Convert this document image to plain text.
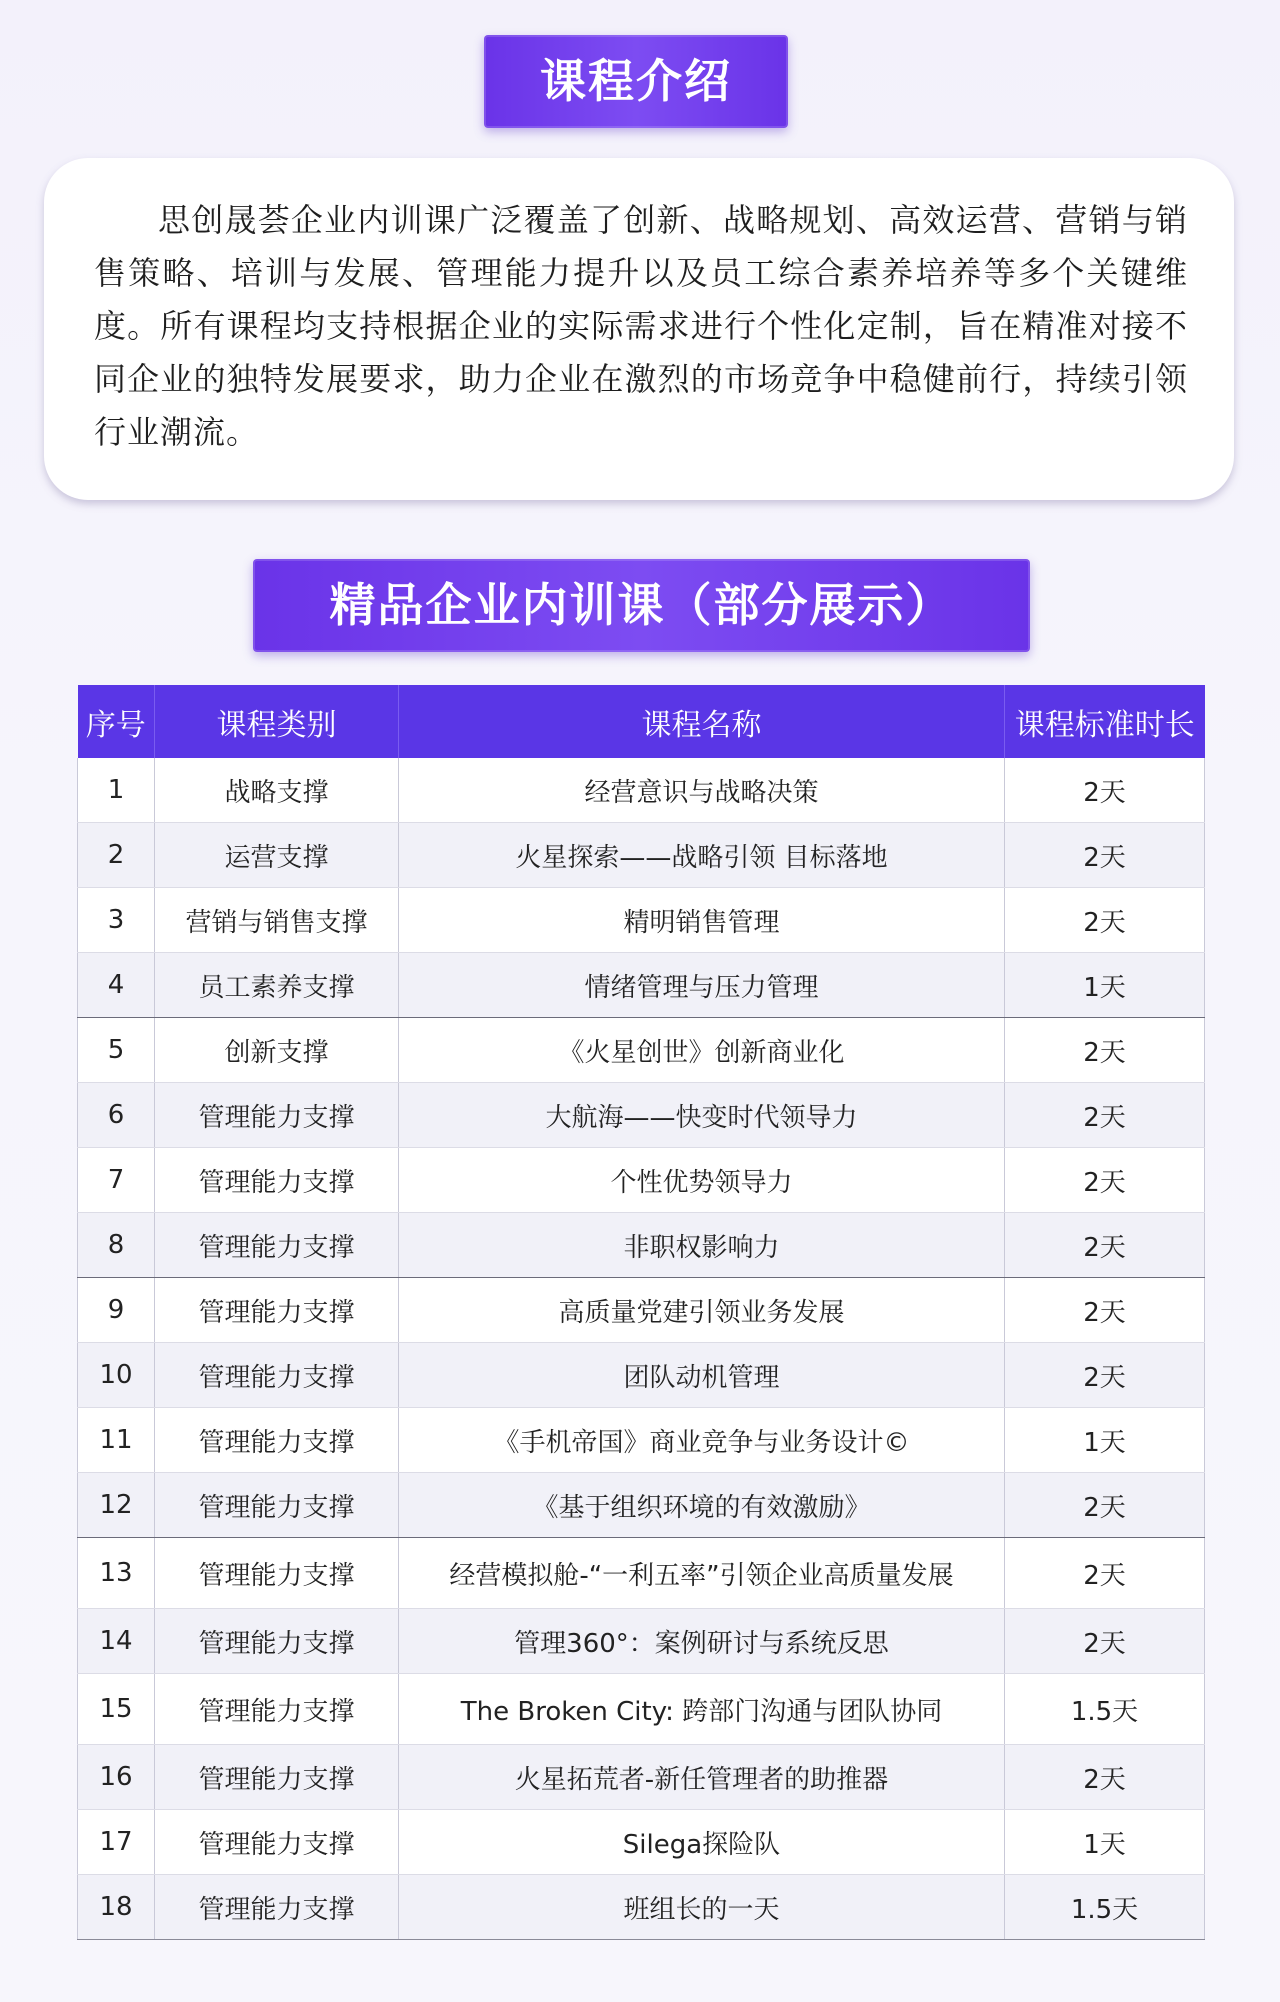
课程介绍

思创晟荟企业内训课广泛覆盖了创新、战略规划、高效运营、营销与销售策略、培训与发展、管理能力提升以及员工综合素养培养等多个关键维度。所有课程均支持根据企业的实际需求进行个性化定制，旨在精准对接不同企业的独特发展要求，助力企业在激烈的市场竞争中稳健前行，持续引领行业潮流。

精品企业内训课（部分展示）
序号	课程类别	课程名称	课程标准时长
1	战略支撑	经营意识与战略决策	2天
2	运营支撑	火星探索——战略引领 目标落地	2天
3	营销与销售支撑	精明销售管理	2天
4	员工素养支撑	情绪管理与压力管理	1天
5	创新支撑	《火星创世》创新商业化	2天
6	管理能力支撑	大航海——快变时代领导力	2天
7	管理能力支撑	个性优势领导力	2天
8	管理能力支撑	非职权影响力	2天
9	管理能力支撑	高质量党建引领业务发展	2天
10	管理能力支撑	团队动机管理	2天
11	管理能力支撑	《手机帝国》商业竞争与业务设计©	1天
12	管理能力支撑	《基于组织环境的有效激励》	2天
13	管理能力支撑	经营模拟舱-“一利五率”引领企业高质量发展	2天
14	管理能力支撑	管理360°：案例研讨与系统反思	2天
15	管理能力支撑	The Broken City: 跨部门沟通与团队协同	1.5天
16	管理能力支撑	火星拓荒者-新任管理者的助推器	2天
17	管理能力支撑	Silega探险队	1天
18	管理能力支撑	班组长的一天	1.5天
